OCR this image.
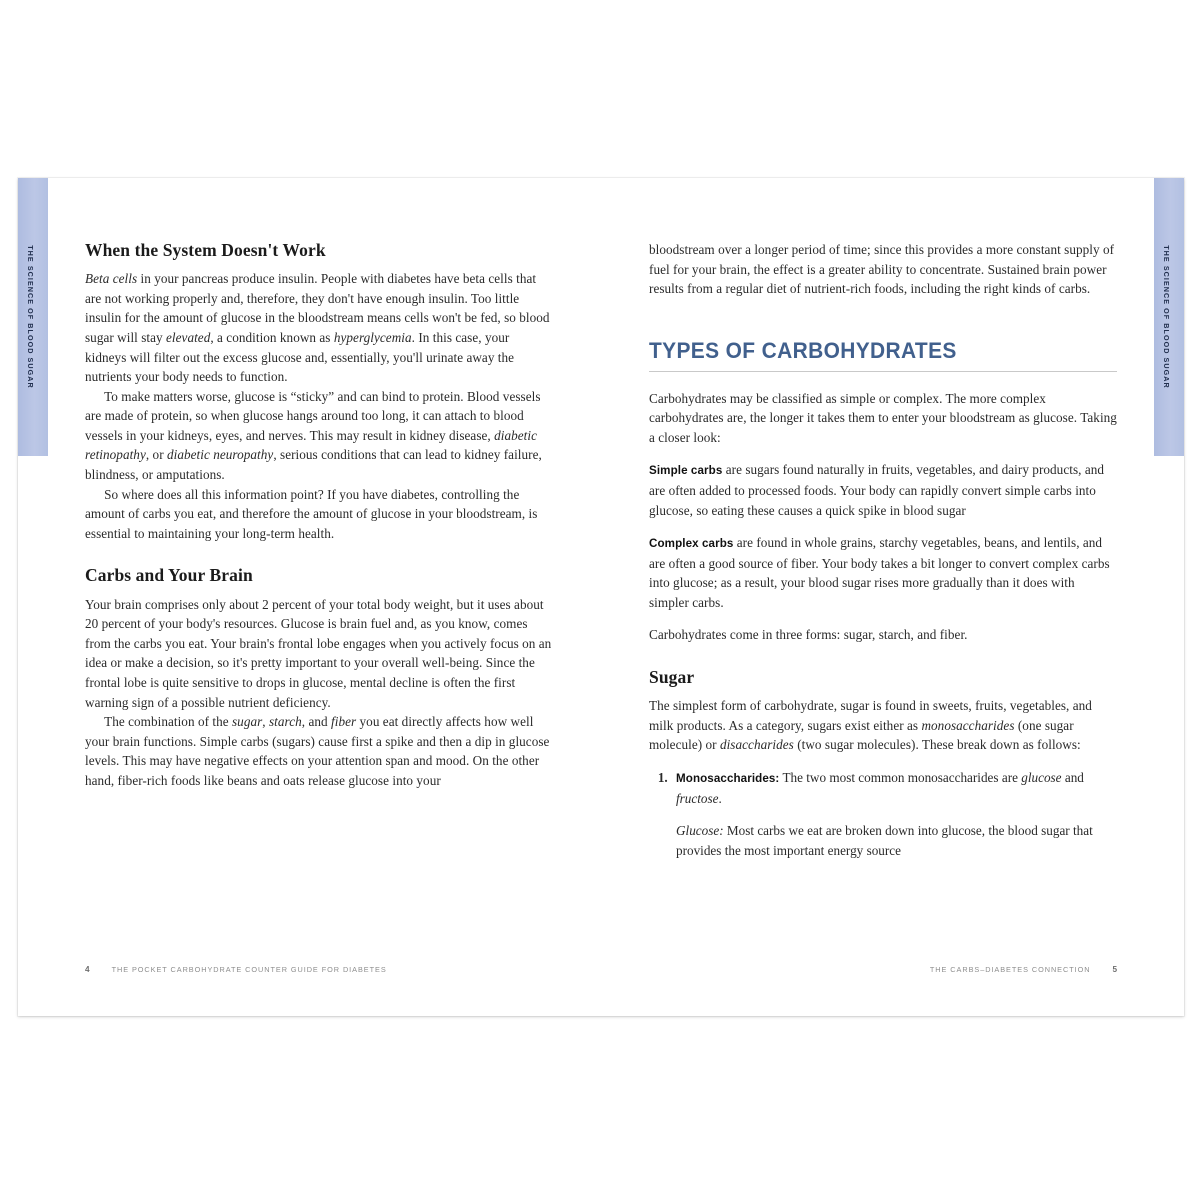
THE SCIENCE OF BLOOD SUGAR	THE SCIENCE OF BLOOD SUGAR
When the System Doesn't Work

Beta cells in your pancreas produce insulin. People with diabetes have beta cells that are not working properly and, therefore, they don't have enough insulin. Too little insulin for the amount of glucose in the bloodstream means cells won't be fed, so blood sugar will stay elevated, a condition known as hyperglycemia. In this case, your kidneys will filter out the excess glucose and, essentially, you'll urinate away the nutrients your body needs to function.

To make matters worse, glucose is “sticky” and can bind to protein. Blood vessels are made of protein, so when glucose hangs around too long, it can attach to blood vessels in your kidneys, eyes, and nerves. This may result in kidney disease, diabetic retinopathy, or diabetic neuropathy, serious conditions that can lead to kidney failure, blindness, or amputations.

So where does all this information point? If you have diabetes, controlling the amount of carbs you eat, and therefore the amount of glucose in your bloodstream, is essential to maintaining your long-term health.

Carbs and Your Brain

Your brain comprises only about 2 percent of your total body weight, but it uses about 20 percent of your body's resources. Glucose is brain fuel and, as you know, comes from the carbs you eat. Your brain's frontal lobe engages when you actively focus on an idea or make a decision, so it's pretty important to your overall well-being. Since the frontal lobe is quite sensitive to drops in glucose, mental decline is often the first warning sign of a possible nutrient deficiency.

The combination of the sugar, starch, and fiber you eat directly affects how well your brain functions. Simple carbs (sugars) cause first a spike and then a dip in glucose levels. This may have negative effects on your attention span and mood. On the other hand, fiber-rich foods like beans and oats release glucose into your

4	THE POCKET CARBOHYDRATE COUNTER GUIDE FOR DIABETES

bloodstream over a longer period of time; since this provides a more constant supply of fuel for your brain, the effect is a greater ability to concentrate. Sustained brain power results from a regular diet of nutrient-rich foods, including the right kinds of carbs.

TYPES OF CARBOHYDRATES

Carbohydrates may be classified as simple or complex. The more complex carbohydrates are, the longer it takes them to enter your bloodstream as glucose. Taking a closer look:

Simple carbs are sugars found naturally in fruits, vegetables, and dairy products, and are often added to processed foods. Your body can rapidly convert simple carbs into glucose, so eating these causes a quick spike in blood sugar

Complex carbs are found in whole grains, starchy vegetables, beans, and lentils, and are often a good source of fiber. Your body takes a bit longer to convert complex carbs into glucose; as a result, your blood sugar rises more gradually than it does with simpler carbs.

Carbohydrates come in three forms: sugar, starch, and fiber.

Sugar

The simplest form of carbohydrate, sugar is found in sweets, fruits, vegetables, and milk products. As a category, sugars exist either as monosaccharides (one sugar molecule) or disaccharides (two sugar molecules). These break down as follows:

1. Monosaccharides: The two most common monosaccharides are glucose and fructose.

Glucose: Most carbs we eat are broken down into glucose, the blood sugar that provides the most important energy source

THE CARBS–DIABETES CONNECTION	5
